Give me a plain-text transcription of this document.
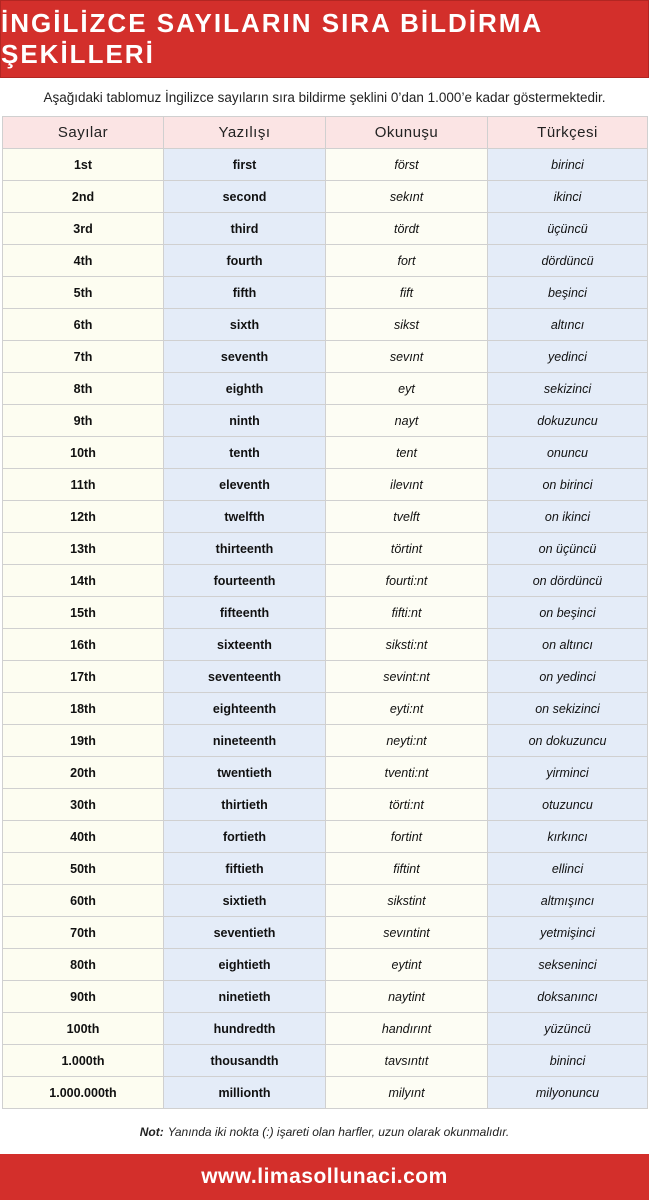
İNGİLİZCE SAYILARIN SIRA BİLDİRMA ŞEKİLLERİ
Aşağıdaki tablomuz İngilizce sayıların sıra bildirme şeklini 0’dan 1.000’e kadar göstermektedir.
Sayılar	Yazılışı	Okunuşu	Türkçesi
1st	first	först	birinci
2nd	second	sekınt	ikinci
3rd	third	tördt	üçüncü
4th	fourth	fort	dördüncü
5th	fifth	fift	beşinci
6th	sixth	sikst	altıncı
7th	seventh	sevınt	yedinci
8th	eighth	eyt	sekizinci
9th	ninth	nayt	dokuzuncu
10th	tenth	tent	onuncu
11th	eleventh	ilevınt	on birinci
12th	twelfth	tvelft	on ikinci
13th	thirteenth	törtint	on üçüncü
14th	fourteenth	fourti:nt	on dördüncü
15th	fifteenth	fifti:nt	on beşinci
16th	sixteenth	siksti:nt	on altıncı
17th	seventeenth	sevint:nt	on yedinci
18th	eighteenth	eyti:nt	on sekizinci
19th	nineteenth	neyti:nt	on dokuzuncu
20th	twentieth	tventi:nt	yirminci
30th	thirtieth	törti:nt	otuzuncu
40th	fortieth	fortint	kırkıncı
50th	fiftieth	fiftint	ellinci
60th	sixtieth	sikstint	altmışıncı
70th	seventieth	sevıntint	yetmişinci
80th	eightieth	eytint	sekseninci
90th	ninetieth	naytint	doksanıncı
100th	hundredth	handırınt	yüzüncü
1.000th	thousandth	tavsıntıt	bininci
1.000.000th	millionth	milyınt	milyonuncu
Not: Yanında iki nokta (:) işareti olan harfler, uzun olarak okunmalıdır.
www.limasollunaci.com
